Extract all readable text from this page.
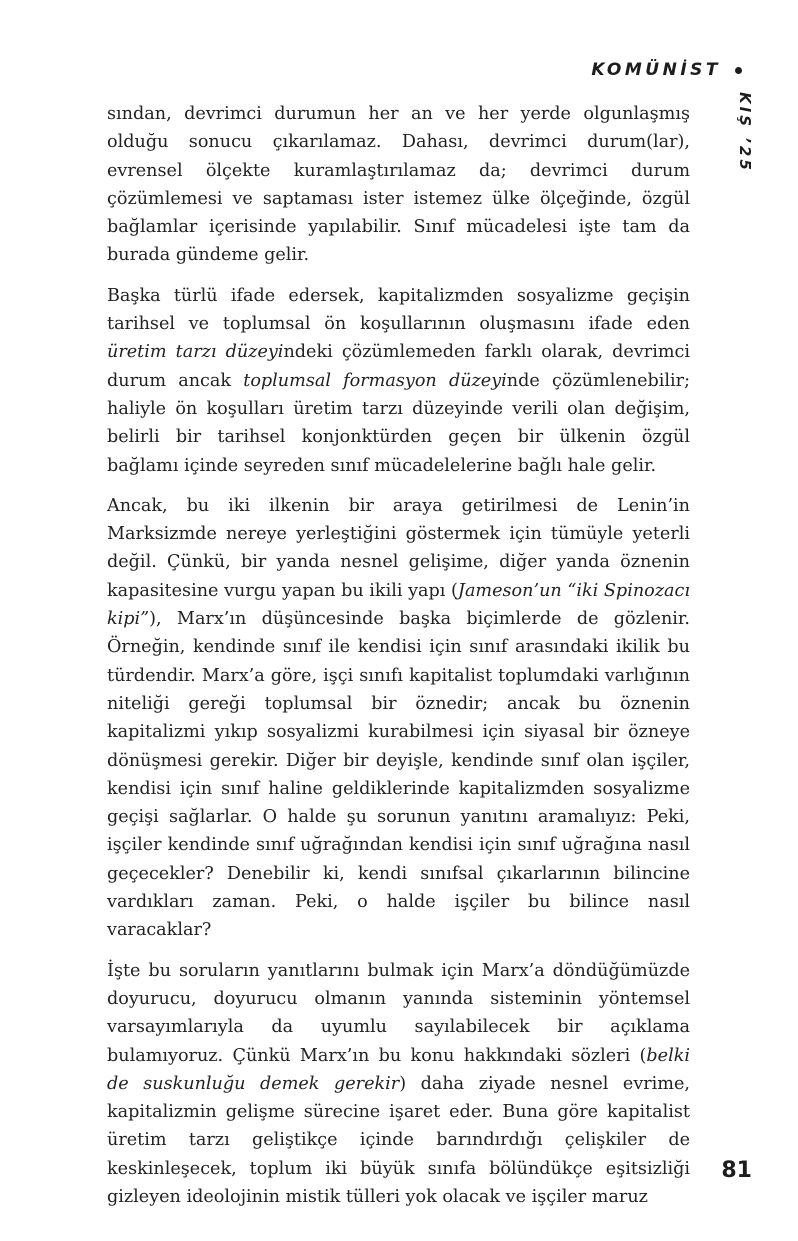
KOMÜNİST
KIŞ ’25

sından, devrimci durumun her an ve her yerde olgunlaşmış olduğu sonucu çıkarılamaz. Dahası, devrimci durum(lar), evrensel ölçekte kuramlaştırılamaz da; devrimci durum çözümlemesi ve saptaması ister istemez ülke ölçeğinde, özgül bağlamlar içerisinde yapılabilir. Sınıf mücadelesi işte tam da burada gündeme gelir.

Başka türlü ifade edersek, kapitalizmden sosyalizme geçişin tarihsel ve toplumsal ön koşullarının oluşmasını ifade eden üretim tarzı düzeyindeki çözümlemeden farklı olarak, devrimci durum ancak toplumsal formasyon düzeyinde çözümlenebilir; haliyle ön koşulları üretim tarzı düzeyinde verili olan değişim, belirli bir tarihsel konjonktürden geçen bir ülkenin özgül bağlamı içinde seyreden sınıf mücadelelerine bağlı hale gelir.

Ancak, bu iki ilkenin bir araya getirilmesi de Lenin’in Marksizmde nereye yerleştiğini göstermek için tümüyle yeterli değil. Çünkü, bir yanda nesnel gelişime, diğer yanda öznenin kapasitesine vurgu yapan bu ikili yapı (Jameson’un “iki Spinozacı kipi”), Marx’ın düşüncesinde başka biçimlerde de gözlenir. Örneğin, kendinde sınıf ile kendisi için sınıf arasındaki ikilik bu türdendir. Marx’a göre, işçi sınıfı kapitalist toplumdaki varlığının niteliği gereği toplumsal bir öznedir; ancak bu öznenin kapitalizmi yıkıp sosyalizmi kurabilmesi için siyasal bir özneye dönüşmesi gerekir. Diğer bir deyişle, kendinde sınıf olan işçiler, kendisi için sınıf haline geldiklerinde kapitalizmden sosyalizme geçişi sağlarlar. O halde şu sorunun yanıtını aramalıyız: Peki, işçiler kendinde sınıf uğrağından kendisi için sınıf uğrağına nasıl geçecekler? Denebilir ki, kendi sınıfsal çıkarlarının bilincine vardıkları zaman. Peki, o halde işçiler bu bilince nasıl varacaklar?

İşte bu soruların yanıtlarını bulmak için Marx’a döndüğümüzde doyurucu, doyurucu olmanın yanında sisteminin yöntemsel varsayımlarıyla da uyumlu sayılabilecek bir açıklama bulamıyoruz. Çünkü Marx’ın bu konu hakkındaki sözleri (belki de suskunluğu demek gerekir) daha ziyade nesnel evrime, kapitalizmin gelişme sürecine işaret eder. Buna göre kapitalist üretim tarzı geliştikçe içinde barındırdığı çelişkiler de keskinleşecek, toplum iki büyük sınıfa bölündükçe eşitsizliği gizleyen ideolojinin mistik tülleri yok olacak ve işçiler maruz

81
